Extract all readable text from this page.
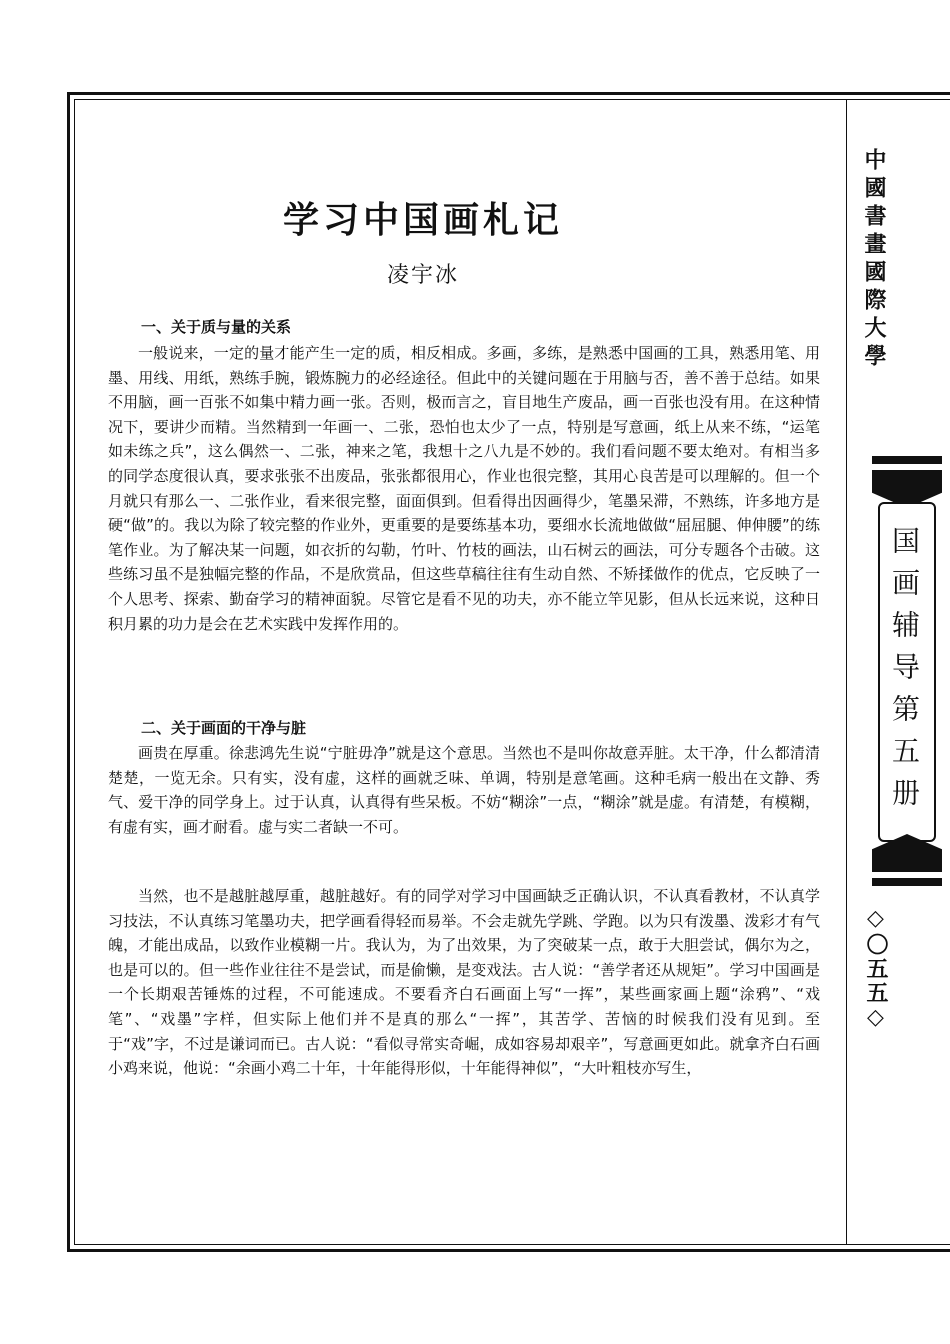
中國書畫國際大學
国画辅导第五册
◇〇五五◇
学习中国画札记
凌宇冰
一、关于质与量的关系

一般说来，一定的量才能产生一定的质，相反相成。多画，多练，是熟悉中国画的工具，熟悉用笔、用墨、用线、用纸，熟练手腕，锻炼腕力的必经途径。但此中的关键问题在于用脑与否，善不善于总结。如果不用脑，画一百张不如集中精力画一张。否则，极而言之，盲目地生产废品，画一百张也没有用。在这种情况下，要讲少而精。当然精到一年画一、二张，恐怕也太少了一点，特别是写意画，纸上从来不练，“运笔如未练之兵”，这么偶然一、二张，神来之笔，我想十之八九是不妙的。我们看问题不要太绝对。有相当多的同学态度很认真，要求张张不出废品，张张都很用心，作业也很完整，其用心良苦是可以理解的。但一个月就只有那么一、二张作业，看来很完整，面面俱到。但看得出因画得少，笔墨呆滞，不熟练，许多地方是硬“做”的。我以为除了较完整的作业外，更重要的是要练基本功，要细水长流地做做“屈屈腿、伸伸腰”的练笔作业。为了解决某一问题，如衣折的勾勒，竹叶、竹枝的画法，山石树云的画法，可分专题各个击破。这些练习虽不是独幅完整的作品，不是欣赏品，但这些草稿往往有生动自然、不矫揉做作的优点，它反映了一个人思考、探索、勤奋学习的精神面貌。尽管它是看不见的功夫，亦不能立竿见影，但从长远来说，这种日积月累的功力是会在艺术实践中发挥作用的。

二、关于画面的干净与脏

画贵在厚重。徐悲鸿先生说“宁脏毋净”就是这个意思。当然也不是叫你故意弄脏。太干净，什么都清清楚楚，一览无余。只有实，没有虚，这样的画就乏味、单调，特别是意笔画。这种毛病一般出在文静、秀气、爱干净的同学身上。过于认真，认真得有些呆板。不妨“糊涂”一点，“糊涂”就是虚。有清楚，有模糊，有虚有实，画才耐看。虚与实二者缺一不可。

当然，也不是越脏越厚重，越脏越好。有的同学对学习中国画缺乏正确认识，不认真看教材，不认真学习技法，不认真练习笔墨功夫，把学画看得轻而易举。不会走就先学跳、学跑。以为只有泼墨、泼彩才有气魄，才能出成品，以致作业模糊一片。我认为，为了出效果，为了突破某一点，敢于大胆尝试，偶尔为之，也是可以的。但一些作业往往不是尝试，而是偷懒，是变戏法。古人说：“善学者还从规矩”。学习中国画是一个长期艰苦锤炼的过程，不可能速成。不要看齐白石画面上写“一挥”，某些画家画上题“涂鸦”、“戏笔”、“戏墨”字样，但实际上他们并不是真的那么“一挥”，其苦学、苦恼的时候我们没有见到。至于“戏”字，不过是谦词而已。古人说：“看似寻常实奇崛，成如容易却艰辛”，写意画更如此。就拿齐白石画小鸡来说，他说：“余画小鸡二十年，十年能得形似，十年能得神似”，“大叶粗枝亦写生，
